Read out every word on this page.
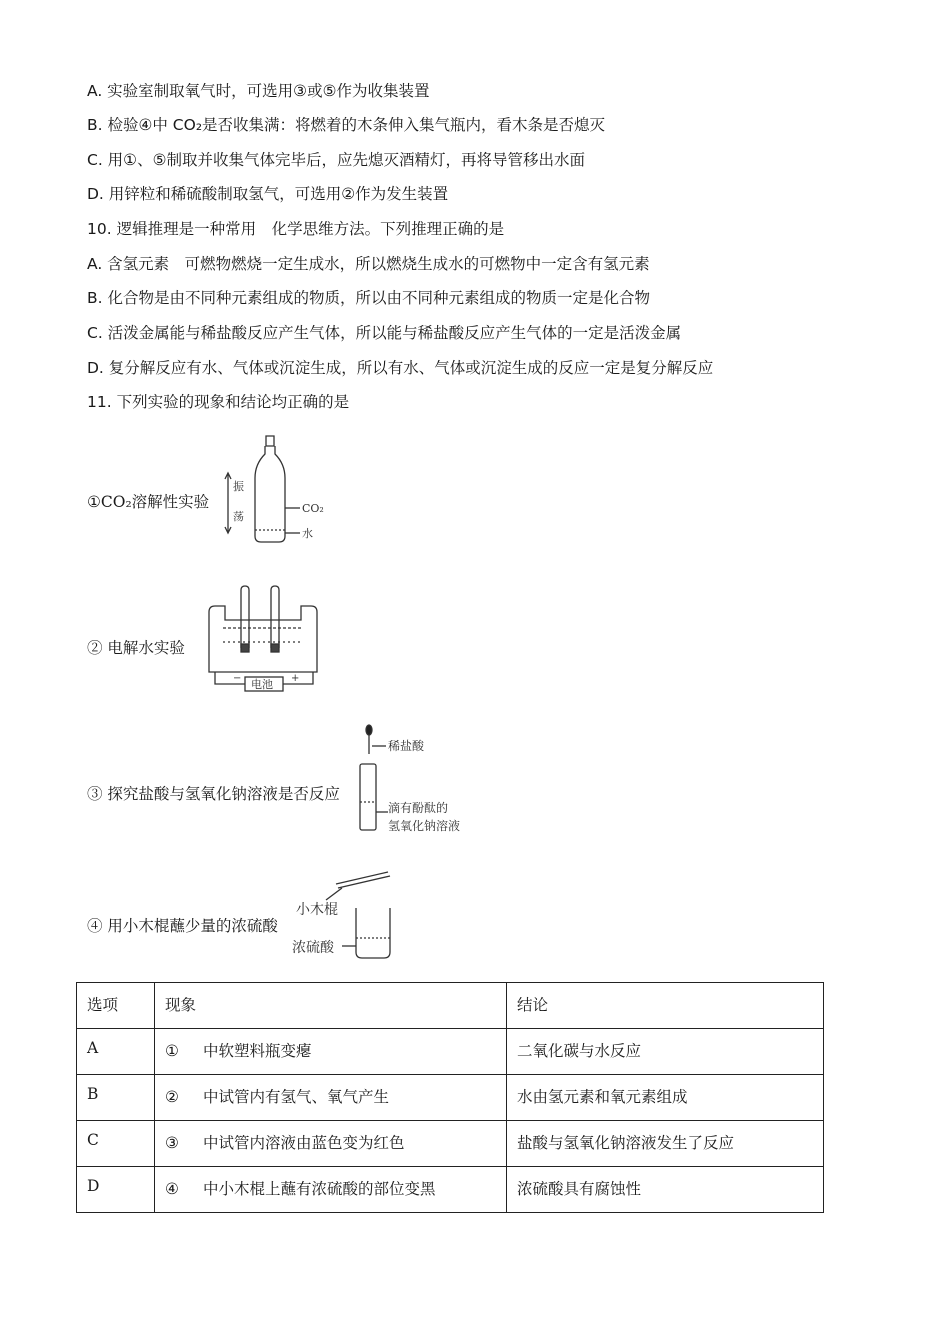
A. 实验室制取氧气时，可选用③或⑤作为收集装置
B. 检验④中 CO₂是否收集满：将燃着的木条伸入集气瓶内，看木条是否熄灭
C. 用①、⑤制取并收集气体完毕后，应先熄灭酒精灯，再将导管移出水面
D. 用锌粒和稀硫酸制取氢气，可选用②作为发生装置
10. 逻辑推理是一种常用　化学思维方法。下列推理正确的是
A. 含氢元素　可燃物燃烧一定生成水，所以燃烧生成水的可燃物中一定含有氢元素
B. 化合物是由不同种元素组成的物质，所以由不同种元素组成的物质一定是化合物
C. 活泼金属能与稀盐酸反应产生气体，所以能与稀盐酸反应产生气体的一定是活泼金属
D. 复分解反应有水、气体或沉淀生成，所以有水、气体或沉淀生成的反应一定是复分解反应
11. 下列实验的现象和结论均正确的是
①CO₂溶解性实验
振
荡
CO₂
水
② 电解水实验
电池
−	+
③ 探究盐酸与氢氧化钠溶液是否反应
稀盐酸
滴有酚酞的
氢氧化钠溶液
④ 用小木棍蘸少量的浓硫酸
小木棍
浓硫酸
选项	现象	结论
A	① 中软塑料瓶变瘪	二氧化碳与水反应
B	② 中试管内有氢气、氧气产生	水由氢元素和氧元素组成
C	③ 中试管内溶液由蓝色变为红色	盐酸与氢氧化钠溶液发生了反应
D	④ 中小木棍上蘸有浓硫酸的部位变黑	浓硫酸具有腐蚀性
